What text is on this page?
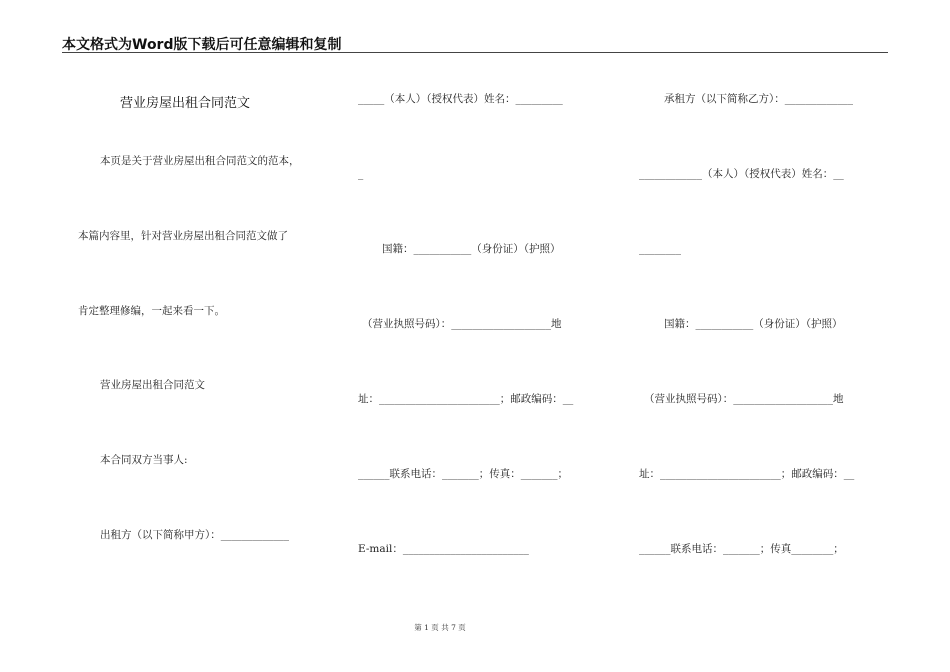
本文格式为Word版下载后可任意编辑和复制
营业房屋出租合同范文
本页是关于营业房屋出租合同范文的范本，
本篇内容里，针对营业房屋出租合同范文做了
肯定整理修编，一起来看一下。
营业房屋出租合同范文
本合同双方当事人:
出租方（以下简称甲方）：_____________
_____（本人）（授权代表）姓名：_________
_
国籍：___________（身份证）（护照）
（营业执照号码）：___________________地
址：_______________________；邮政编码：__
______联系电话：_______；传真：_______；
E-mail：________________________
承租方（以下简称乙方）：_____________
____________（本人）（授权代表）姓名：__
________
国籍：___________（身份证）（护照）
（营业执照号码）：___________________地
址：_______________________；邮政编码：__
______联系电话：_______；传真________；
第 1 页 共 7 页
